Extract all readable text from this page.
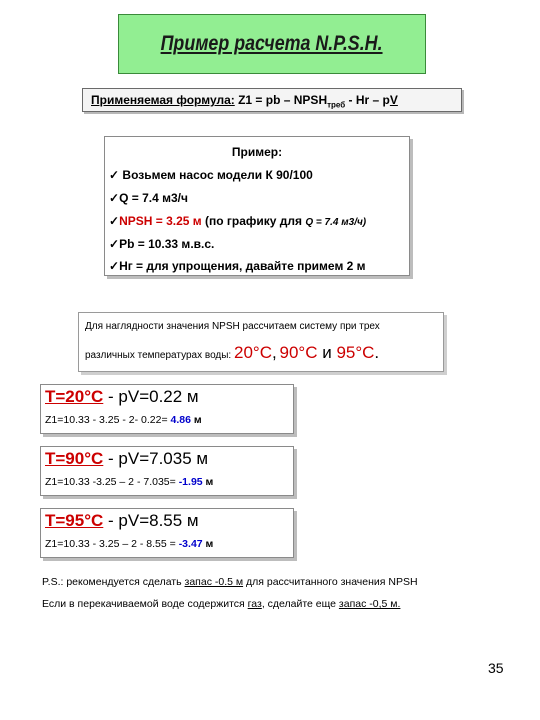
Пример расчета N.P.S.H.
Применяемая формула: Z1 = pb – $NPSH_{треб}$ - Hr – pV
Пример:
✓ Возьмем насос модели К 90/100
✓Q = 7.4 м3/ч
✓NPSH = 3.25 м (по графику для Q = 7.4 м3/ч)
✓Pb = 10.33 м.в.с.
✓Hг = для упрощения, давайте примем 2 м
Для наглядности значения NPSH рассчитаем систему при трех
различных температурах воды: 20°C, 90°C и 95°C.
T=20°C - pV=0.22 м
Z1=10.33 - 3.25 - 2- 0.22= 4.86 м
T=90°C - pV=7.035 м
Z1=10.33 -3.25 – 2 - 7.035= -1.95 м
T=95°C - pV=8.55 м
Z1=10.33 - 3.25 – 2 - 8.55 = -3.47 м
P.S.: рекомендуется сделать запас -0.5 м для рассчитанного значения NPSH
Если в перекачиваемой воде содержится газ, сделайте еще запас -0,5 м.
35
